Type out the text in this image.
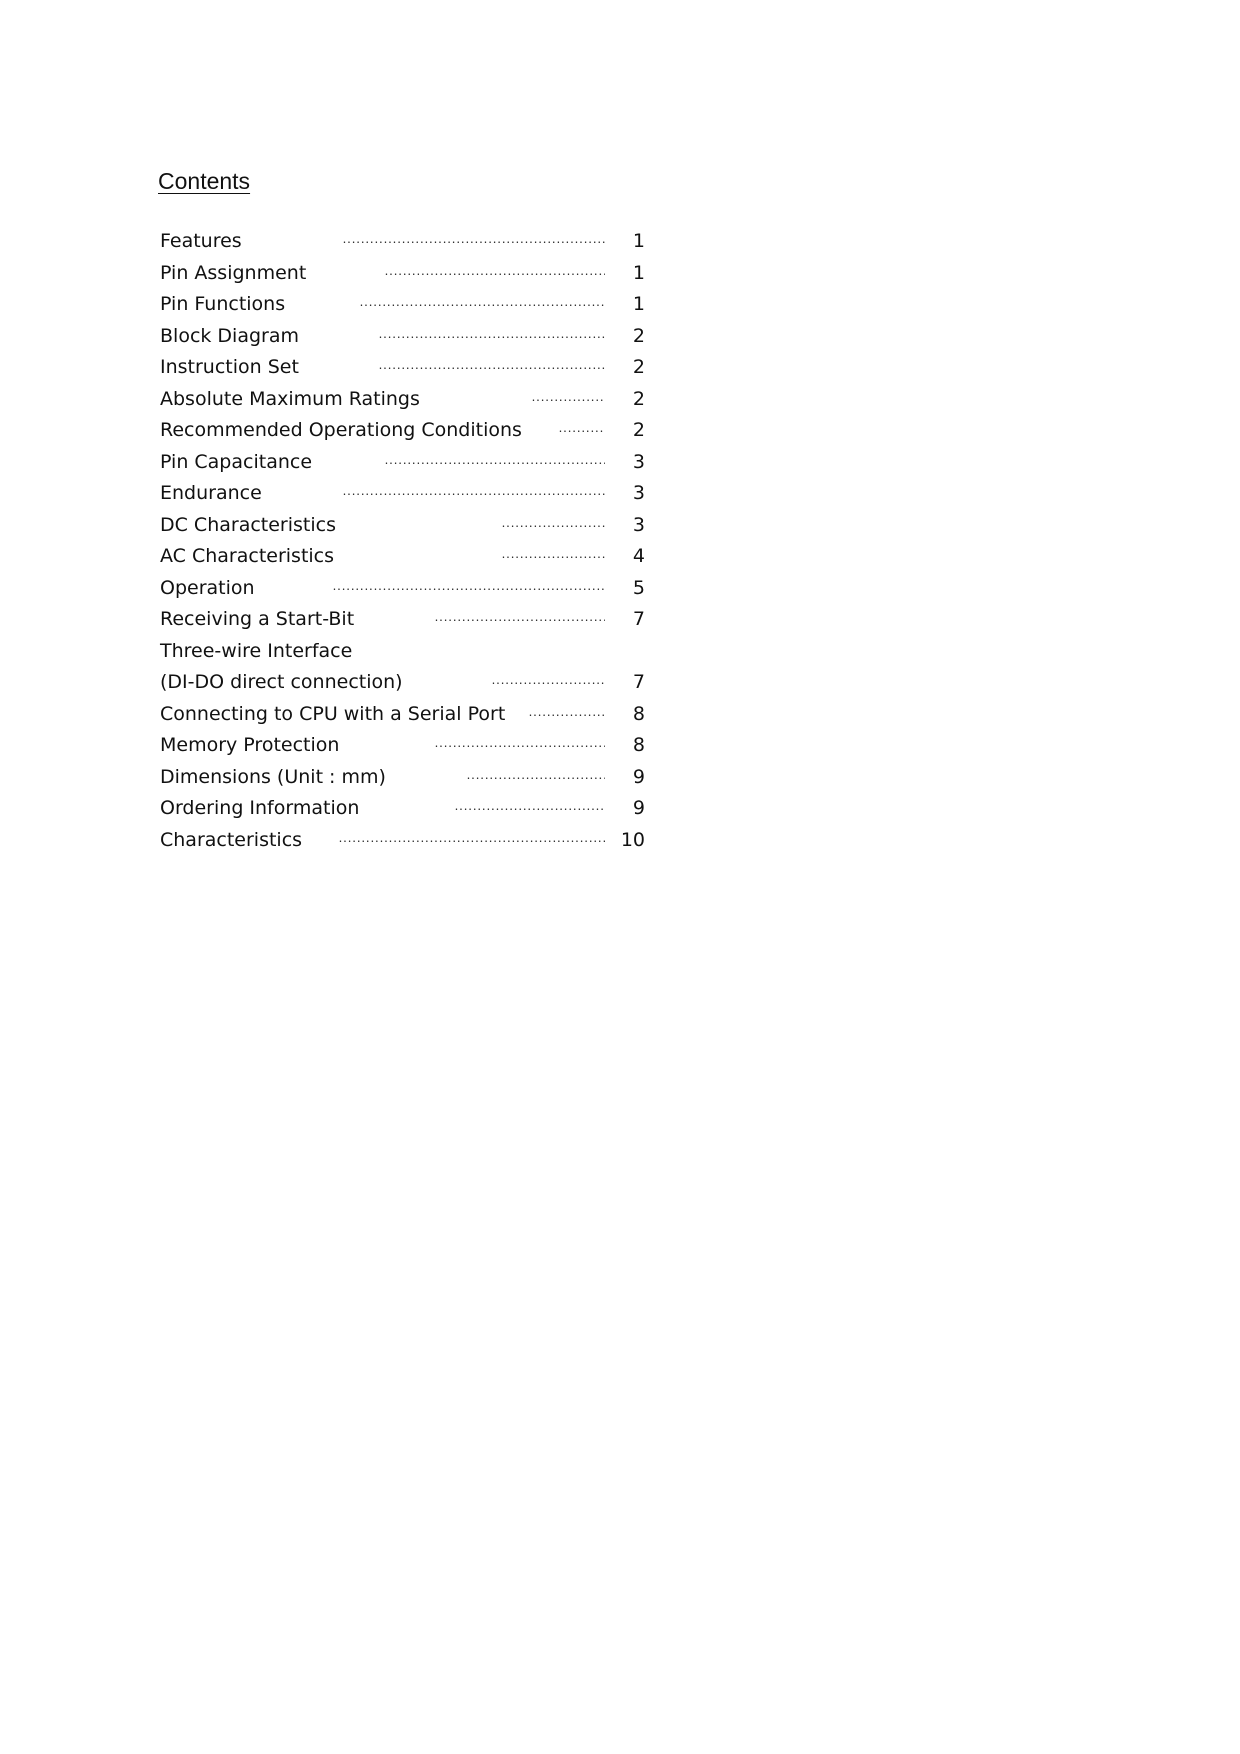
Contents
Features •••••	1
Pin Assignment •••••	1
Pin Functions •••••	1
Block Diagram •••••	2
Instruction Set •••••	2
Absolute Maximum Ratings •••••	2
Recommended Operationg Conditions •••••	2
Pin Capacitance •••••	3
Endurance •••••	3
DC Characteristics •••••	3
AC Characteristics •••••	4
Operation •••••	5
Receiving a Start-Bit •••••	7
Three-wire Interface
(DI-DO direct connection) •••••	7
Connecting to CPU with a Serial Port •••••	8
Memory Protection •••••	8
Dimensions (Unit : mm) •••••	9
Ordering Information •••••	9
Characteristics •••••	10
